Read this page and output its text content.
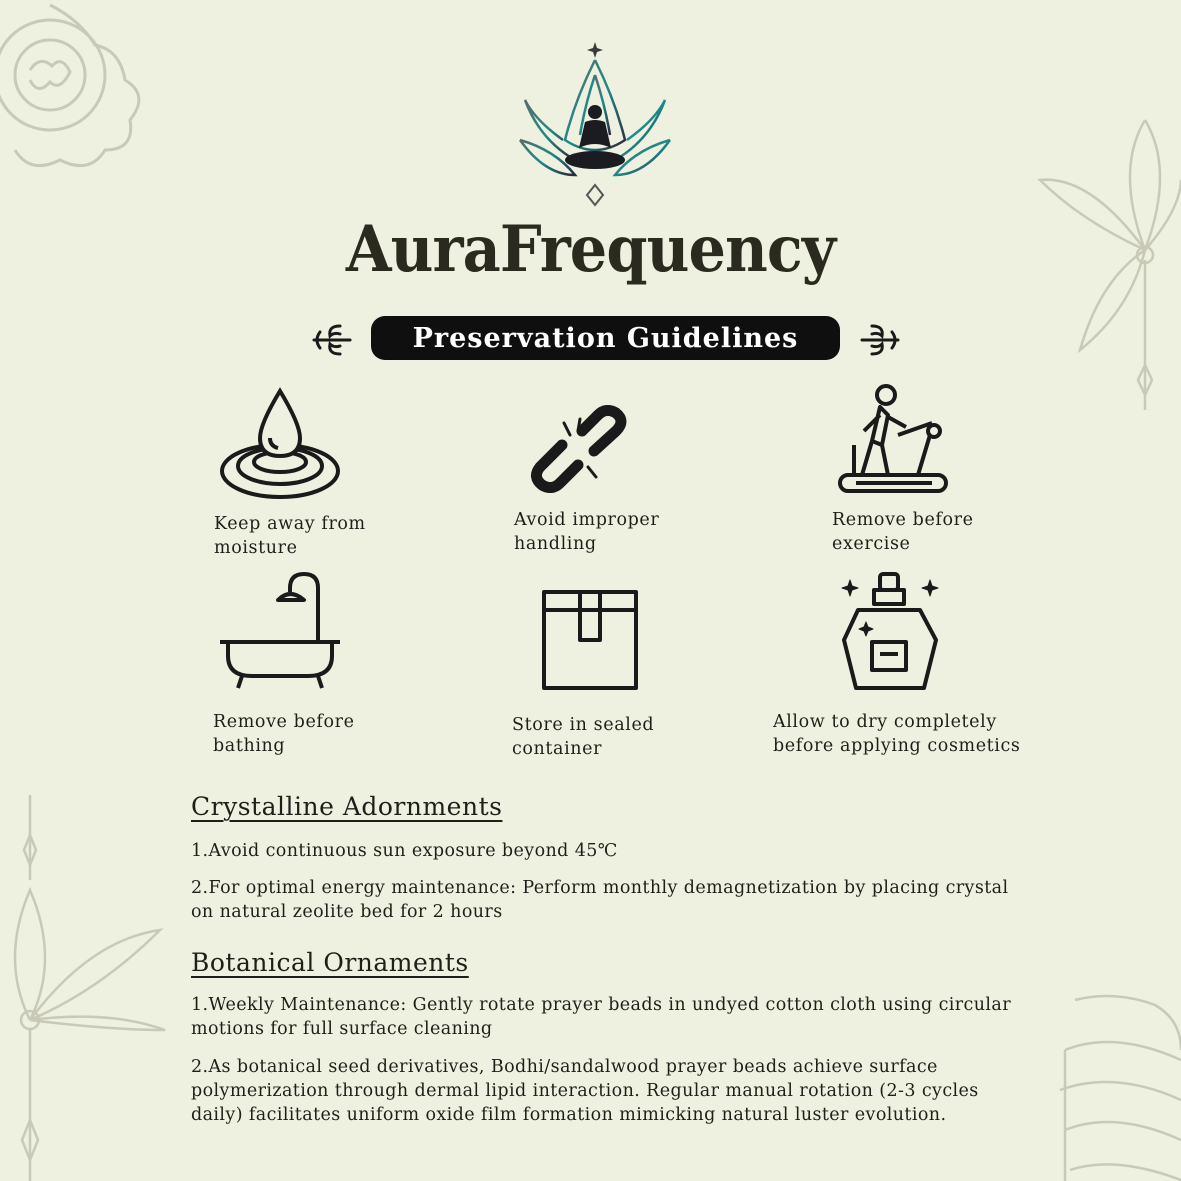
AuraFrequency
Preservation Guidelines
Keep away from
moisture
Avoid improper
handling
Remove before
exercise
Remove before
bathing
Store in sealed
container
Allow to dry completely
before applying cosmetics
Crystalline Adornments
1.Avoid continuous sun exposure beyond 45℃
2.For optimal energy maintenance: Perform monthly demagnetization by placing crystal on natural zeolite bed for 2 hours
Botanical Ornaments
1.Weekly Maintenance: Gently rotate prayer beads in undyed cotton cloth using circular motions for full surface cleaning
2.As botanical seed derivatives, Bodhi/sandalwood prayer beads achieve surface polymerization through dermal lipid interaction. Regular manual rotation (2-3 cycles daily) facilitates uniform oxide film formation mimicking natural luster evolution.
